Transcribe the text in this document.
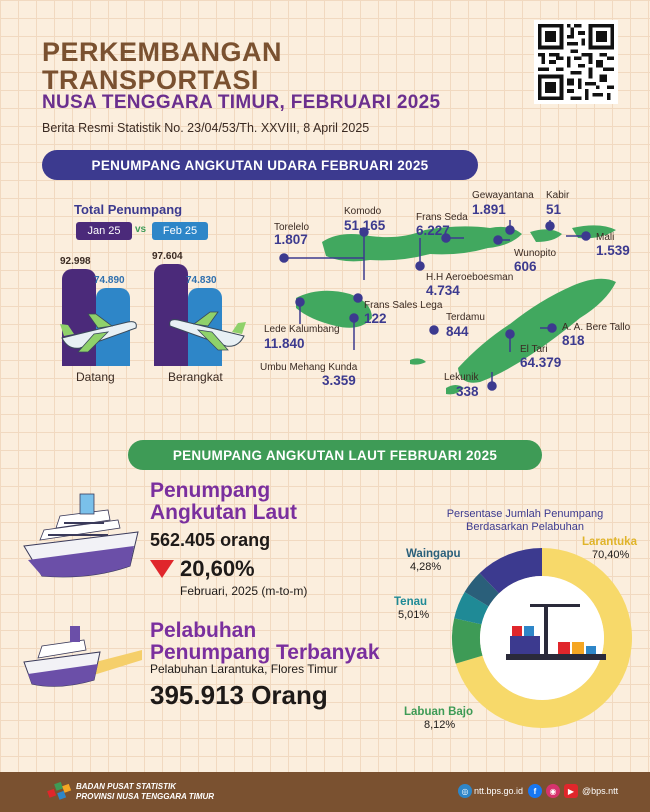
PERKEMBANGAN
TRANSPORTASI
NUSA TENGGARA TIMUR, FEBRUARI 2025
Berita Resmi Statistik No. 23/04/53/Th. XXVIII, 8 April 2025
PENUMPANG ANGKUTAN UDARA FEBRUARI 2025
Total Penumpang
Jan 25	vs	Feb 25
92.998
74.890
Datang
97.604
74.830
Berangkat
Torelelo
1.807
Komodo
51.165
Frans Seda
6.227
Gewayantana
1.891
Kabir
51
Mali
1.539
Wunopito
606
H.H Aeroeboesman
4.734
Frans Sales Lega
122
Lede Kalumbang
11.840
Umbu Mehang Kunda
3.359
Terdamu
844	A. A. Bere Tallo
818
El Tari
64.379
Lekunik
338
PENUMPANG ANGKUTAN LAUT FEBRUARI 2025
Penumpang
Angkutan Laut
562.405 orang
20,60%
Februari, 2025 (m-to-m)
Pelabuhan
Penumpang Terbanyak
Pelabuhan Larantuka, Flores Timur
395.913 Orang
Persentase Jumlah Penumpang
Berdasarkan Pelabuhan
Larantuka
70,40%
Labuan Bajo
8,12%
Tenau
5,01%
Waingapu
4,28%
BADAN PUSAT STATISTIK
PROVINSI NUSA TENGGARA TIMUR
◎ ntt.bps.go.id	f	◉	▶ @bps.ntt
